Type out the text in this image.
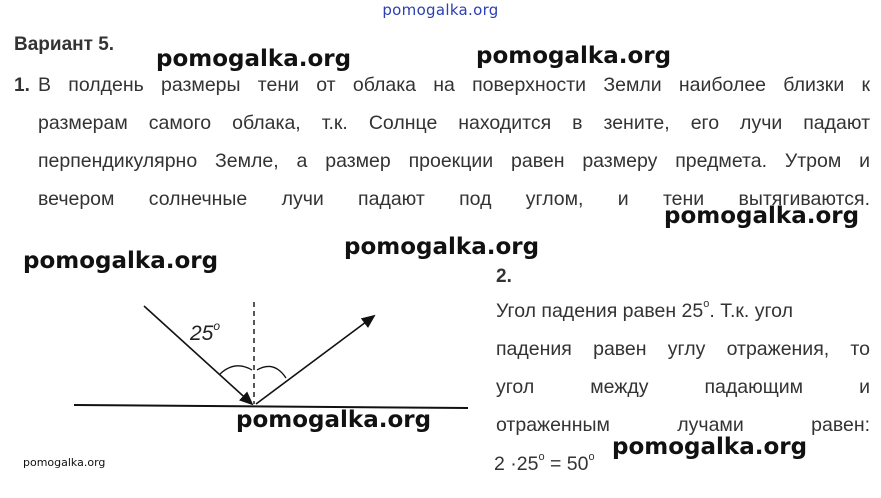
pomogalka.org
Вариант 5.
1. В полдень размеры тени от облака на поверхности Земли наиболее близки к
размерам самого облака, т.к. Солнце находится в зените, его лучи падают
перпендикулярно Земле, а размер проекции равен размеру предмета. Утром и
вечером солнечные лучи падают под углом, и тени вытягиваются.
2.
25$^o$
Угол падения равен 25$^o$. Т.к. угол
падения равен углу отражения, то
угол между падающим и
отраженным лучами равен:
$2 \cdot 25^o = 50^o$
pomogalka.org	pomogalka.org
pomogalka.org
pomogalka.org
pomogalka.org
pomogalka.org
pomogalka.org
pomogalka.org
